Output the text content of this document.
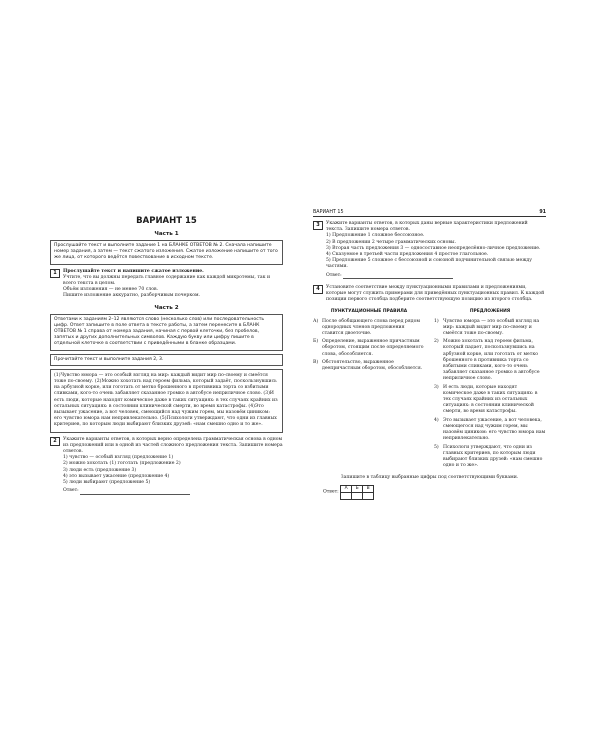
ВАРИАНТ 15
Часть 1
Прослушайте текст и выполните задание 1 на БЛАНКЕ ОТВЕТОВ № 2. Сначала напишите номер задания, а затем — текст сжатого изложения. Сжатое изложение напишите от того же лица, от которого ведётся повествование в исходном тексте.
1	Прослушайте текст и напишите сжатое изложение.
Учтите, что вы должны передать главное содержание как каждой микротемы, так и всего текста в целом.
Объём изложения — не менее 70 слов.
Пишите изложение аккуратно, разборчивым почерком.
Часть 2
Ответами к заданиям 2–12 являются слово (несколько слов) или последовательность цифр. Ответ запишите в поле ответа в тексте работы, а затем перенесите в БЛАНК ОТВЕТОВ № 1 справа от номера задания, начиная с первой клеточки, без пробелов, запятых и других дополнительных символов. Каждую букву или цифру пишите в отдельной клеточке в соответствии с приведёнными в бланке образцами.
Прочитайте текст и выполните задания 2, 3.
(1)Чувство юмора — это особый взгляд на мир: каждый видит мир по-своему и смеётся тоже по-своему. (2)Можно хохотать над героем фильма, который задаёт, поскользнувшись на арбузной корке, или гоготать от метко брошенного в противника торта со взбитыми сливками, кого-то очень забавляет сказанное громко в автобусе неприличное слово. (3)И есть люди, которые находят комическое даже в таких ситуациях: в тех случаях крайних из остальных ситуациях: в состоянии клинической смерти, во время катастрофы. (4)Это вызывает ужасение, а вот человек, смеющийся над чужим горем, мы назовём циником: его чувство юмора нам непривлекательно. (5)Психологи утверждают, что одни из главных критериев, по которым люди выбирают близких друзей: «нам смешно одно и то же».
2	Укажите варианты ответов, в которых верно определена грамматическая основа в одном из предложений или в одной из частей сложного предложения текста. Запишите номера ответов.
1) чувство — особый взгляд (предложение 1)
2) можно хохотать (1) гоготать (предложение 2)
3) люди есть (предложение 3)
4) это вызывает ужасение (предложение 4)
5) люди выбирают (предложение 5)
Ответ:
ВАРИАНТ 15	91
3	Укажите варианты ответов, в которых даны верные характеристики предложений текста. Запишите номера ответов.
1) Предложение 1 сложное бессоюзное.
2) В предложении 2 четыре грамматических основы.
3) Вторая часть предложения 3 — односоставное неопределённо-личное предложение.
4) Сказуемое в третьей части предложения 4 простое глагольное.
5) Предложение 5 сложное с бессоюзной и союзной подчинительной связью между частями.
Ответ:
4	Установите соответствие между пунктуационными правилами и предложениями, которые могут служить примерами для приведённых пунктуационных правил. К каждой позиции первого столбца подберите соответствующую позицию из второго столбца.
ПУНКТУАЦИОННЫЕ ПРАВИЛА
А) После обобщающего слова перед рядом однородных членов предложения ставится двоеточие.
Б) Определение, выраженное причастным оборотом, стоящим после определяемого слова, обособляется.
В) Обстоятельство, выраженное деепричастным оборотом, обособляется.
ПРЕДЛОЖЕНИЯ
1) Чувство юмора — это особый взгляд на мир: каждый видит мир по-своему и смеётся тоже по-своему.
2) Можно хохотать над героем фильма, который падает, поскользнувшись на арбузной корке, или гоготать от метко брошенного в противника торта со взбитыми сливками, кого-то очень забавляет сказанное громко в автобусе неприличное слово.
3) И есть люди, которые находят комическое даже в таких ситуациях: в тех случаях крайних из остальных ситуациях: в состоянии клинической смерти, во время катастрофы.
4) Это вызывает ужасение, а вот человека, смеющегося над чужим горем, мы назовём циником: его чувство юмора нам непривлекательно.
5) Психологи утверждают, что одни из главных критериев, по которым люди выбирают близких друзей: «нам смешно одно и то же».
Запишите в таблицу выбранные цифры под соответствующими буквами.
Ответ: А	Б	В
